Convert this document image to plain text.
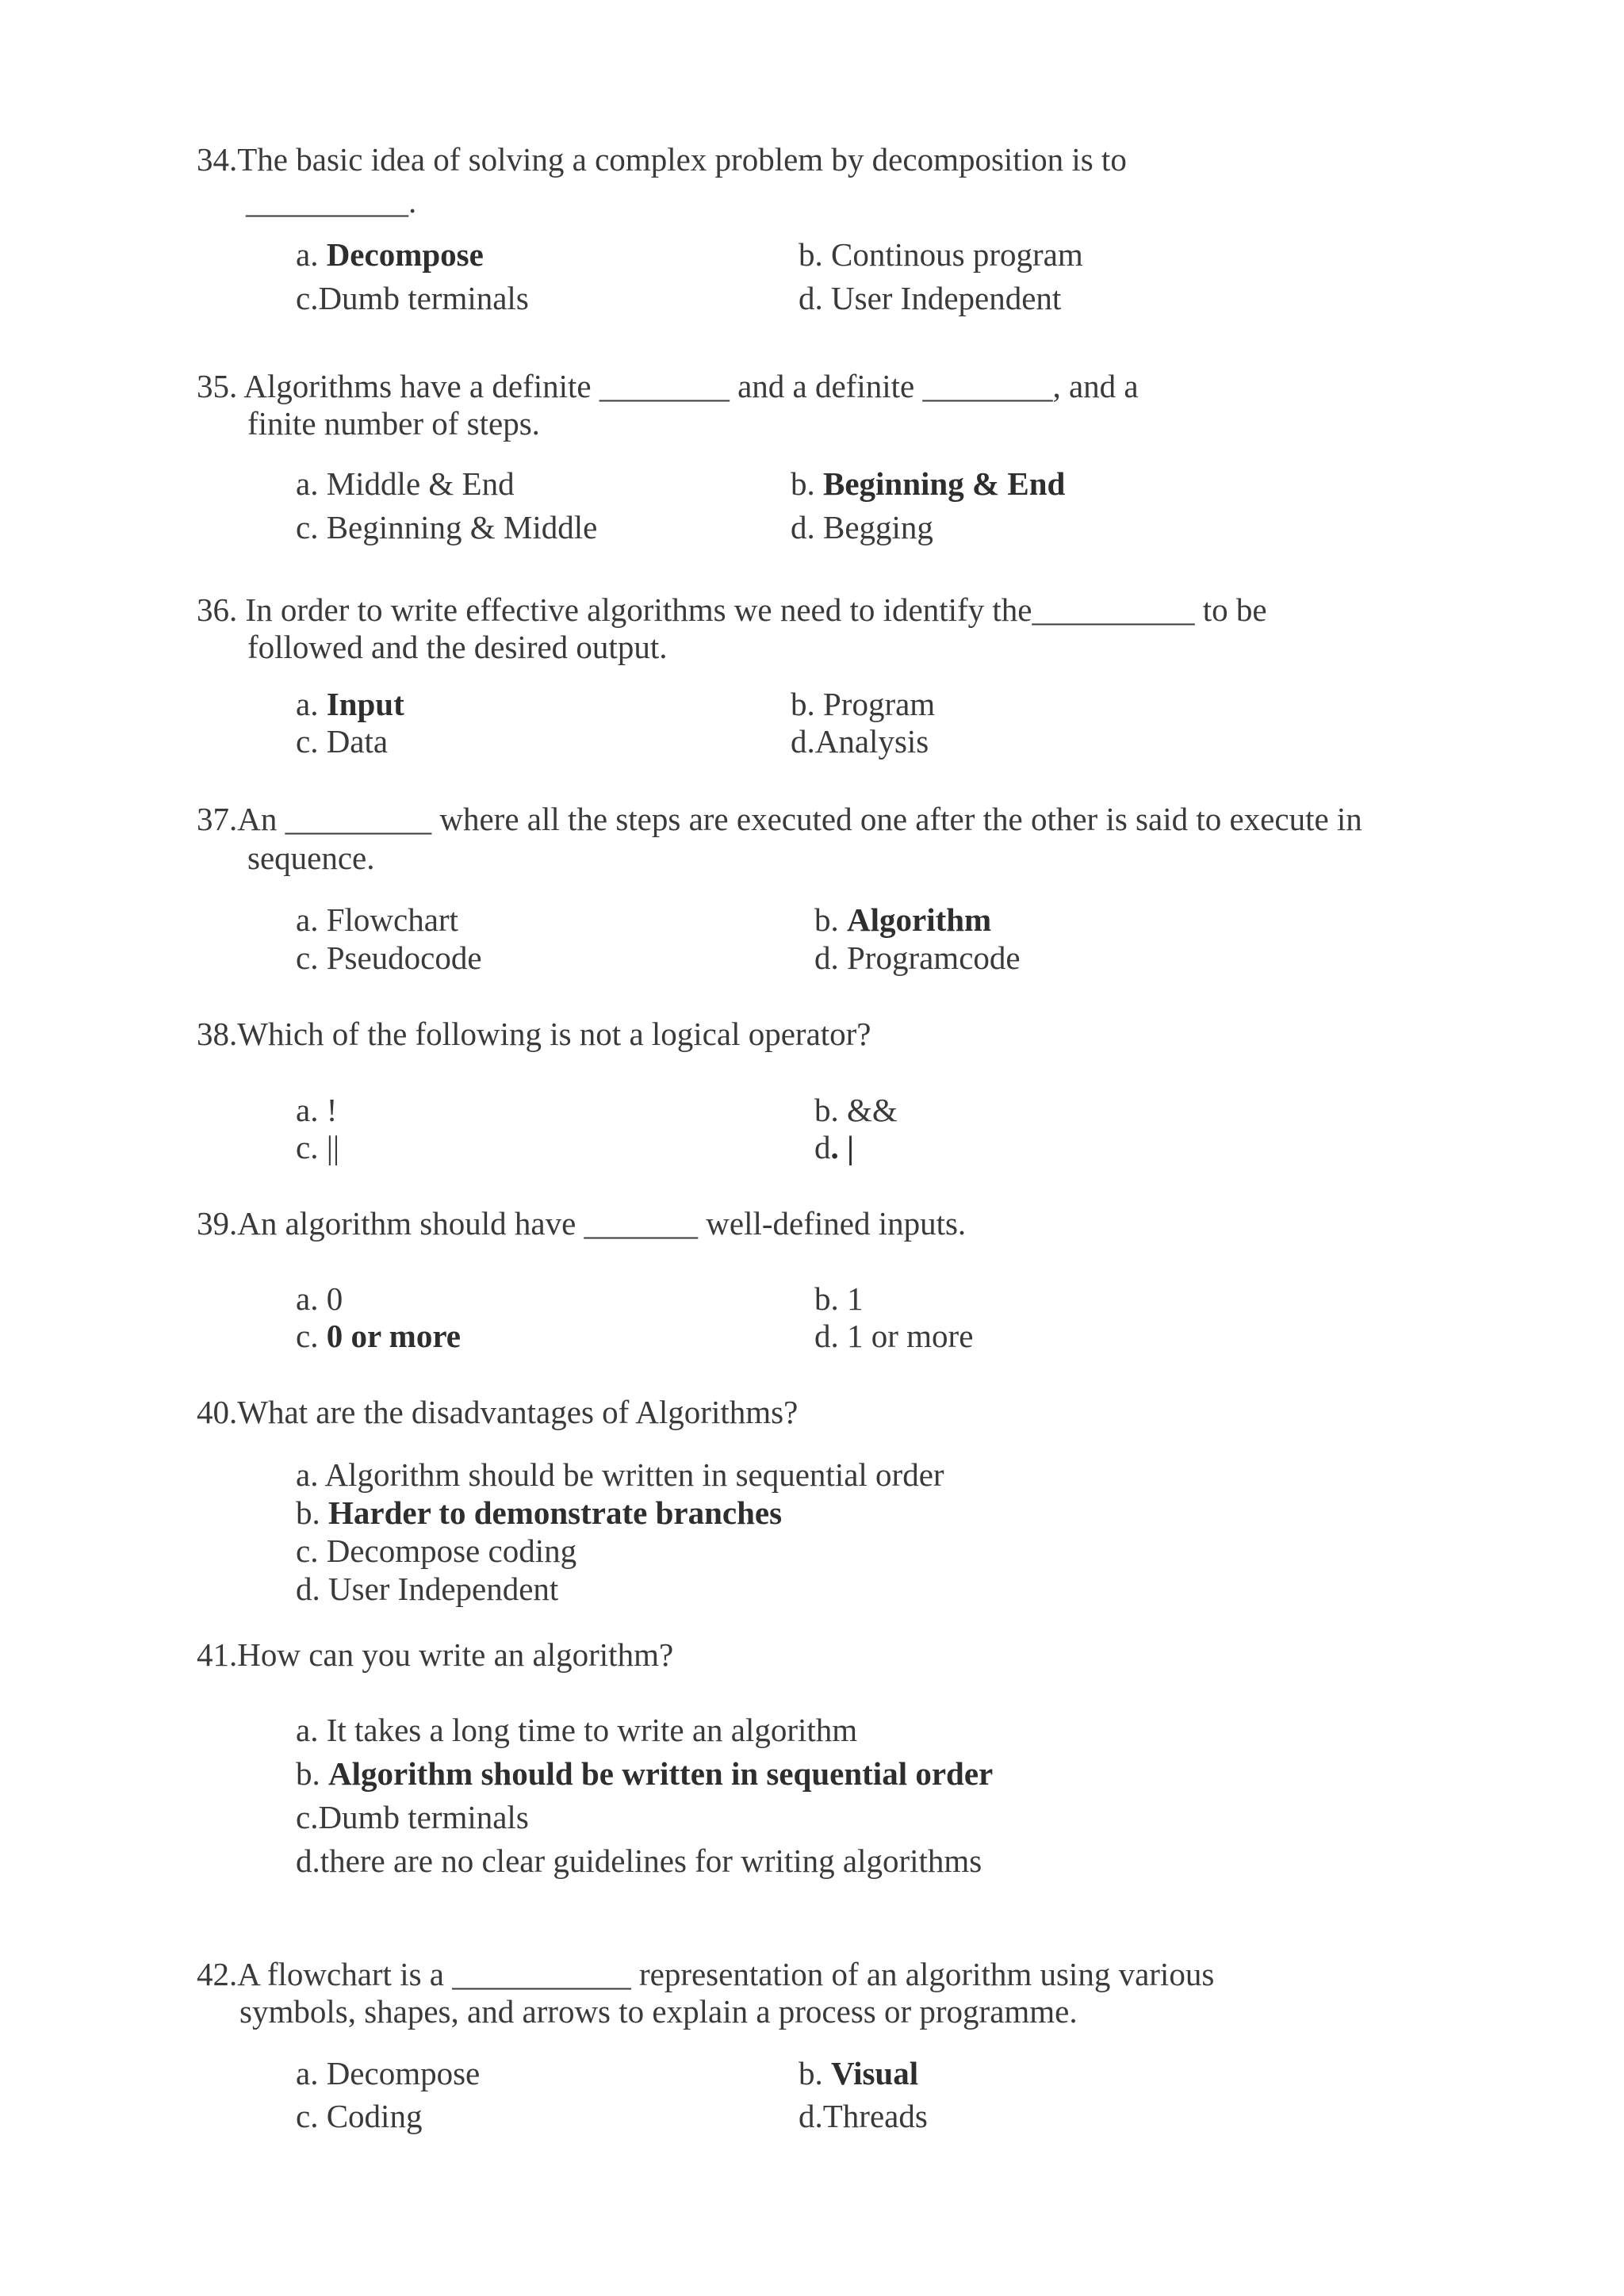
34.The basic idea of solving a complex problem by decomposition is to
__________.
a. Decompose	b. Continous program
c.Dumb terminals	d. User Independent
35. Algorithms have a definite ________ and a definite ________, and a
finite number of steps.
a. Middle & End	b. Beginning & End
c. Beginning & Middle	d. Begging
36. In order to write effective algorithms we need to identify the__________ to be
followed and the desired output.
a. Input	b. Program
c. Data	d.Analysis
37.An _________ where all the steps are executed one after the other is said to execute in
sequence.
a. Flowchart	b. Algorithm
c. Pseudocode	d. Programcode
38.Which of the following is not a logical operator?
a. !	b. &&
c. ||	d. |
39.An algorithm should have _______ well-defined inputs.
a. 0	b. 1
c. 0 or more	d. 1 or more
40.What are the disadvantages of Algorithms?
a. Algorithm should be written in sequential order
b. Harder to demonstrate branches
c. Decompose coding
d. User Independent
41.How can you write an algorithm?
a. It takes a long time to write an algorithm
b. Algorithm should be written in sequential order
c.Dumb terminals
d.there are no clear guidelines for writing algorithms
42.A flowchart is a ___________ representation of an algorithm using various
symbols, shapes, and arrows to explain a process or programme.
a. Decompose	b. Visual
c. Coding	d.Threads
